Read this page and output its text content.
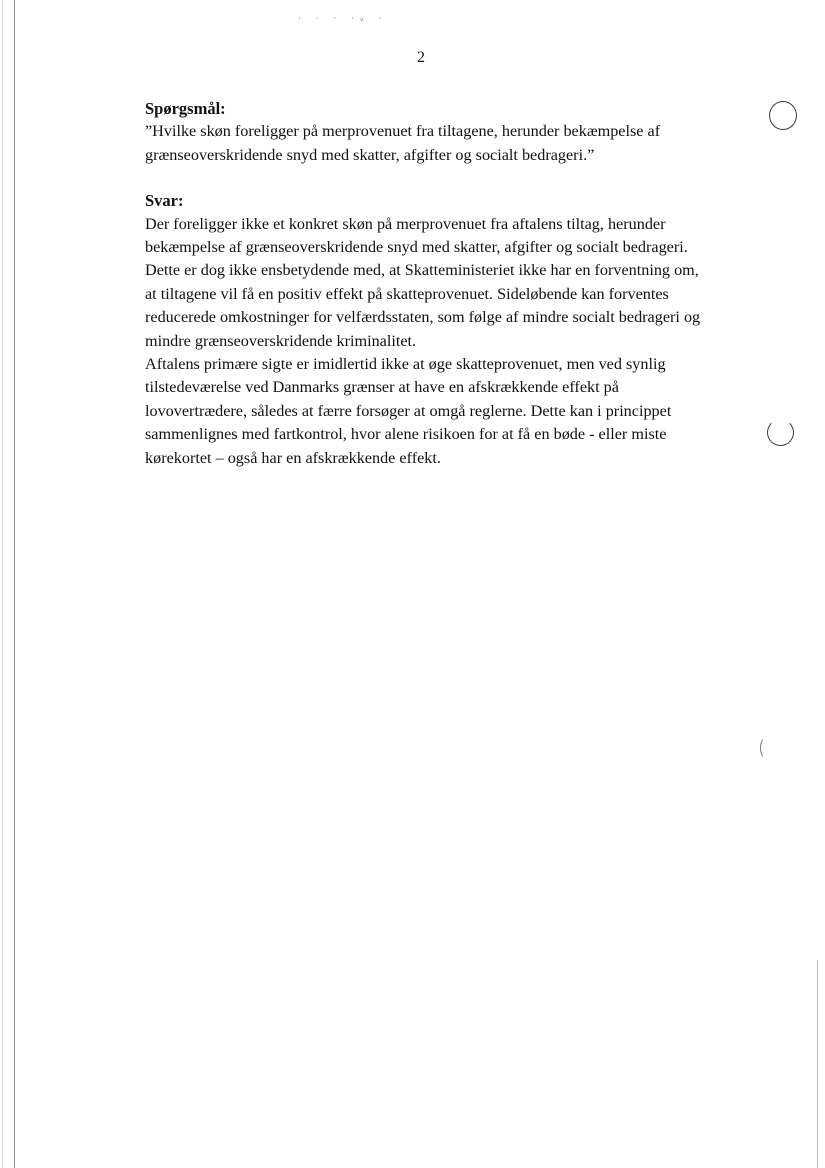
· · · ·ᵥ ·
2

Spørgsmål:

”Hvilke skøn foreligger på merprovenuet fra tiltagene, herunder bekæmpelse af
grænseoverskridende snyd med skatter, afgifter og socialt bedrageri.”

Svar:

Der foreligger ikke et konkret skøn på merprovenuet fra aftalens tiltag, herunder
bekæmpelse af grænseoverskridende snyd med skatter, afgifter og socialt bedrageri.
Dette er dog ikke ensbetydende med, at Skatteministeriet ikke har en forventning om,
at tiltagene vil få en positiv effekt på skatteprovenuet. Sideløbende kan forventes
reducerede omkostninger for velfærdsstaten, som følge af mindre socialt bedrageri og
mindre grænseoverskridende kriminalitet.

Aftalens primære sigte er imidlertid ikke at øge skatteprovenuet, men ved synlig
tilstedeværelse ved Danmarks grænser at have en afskrækkende effekt på
lovovertrædere, således at færre forsøger at omgå reglerne. Dette kan i princippet
sammenlignes med fartkontrol, hvor alene risikoen for at få en bøde - eller miste
kørekortet – også har en afskrækkende effekt.
